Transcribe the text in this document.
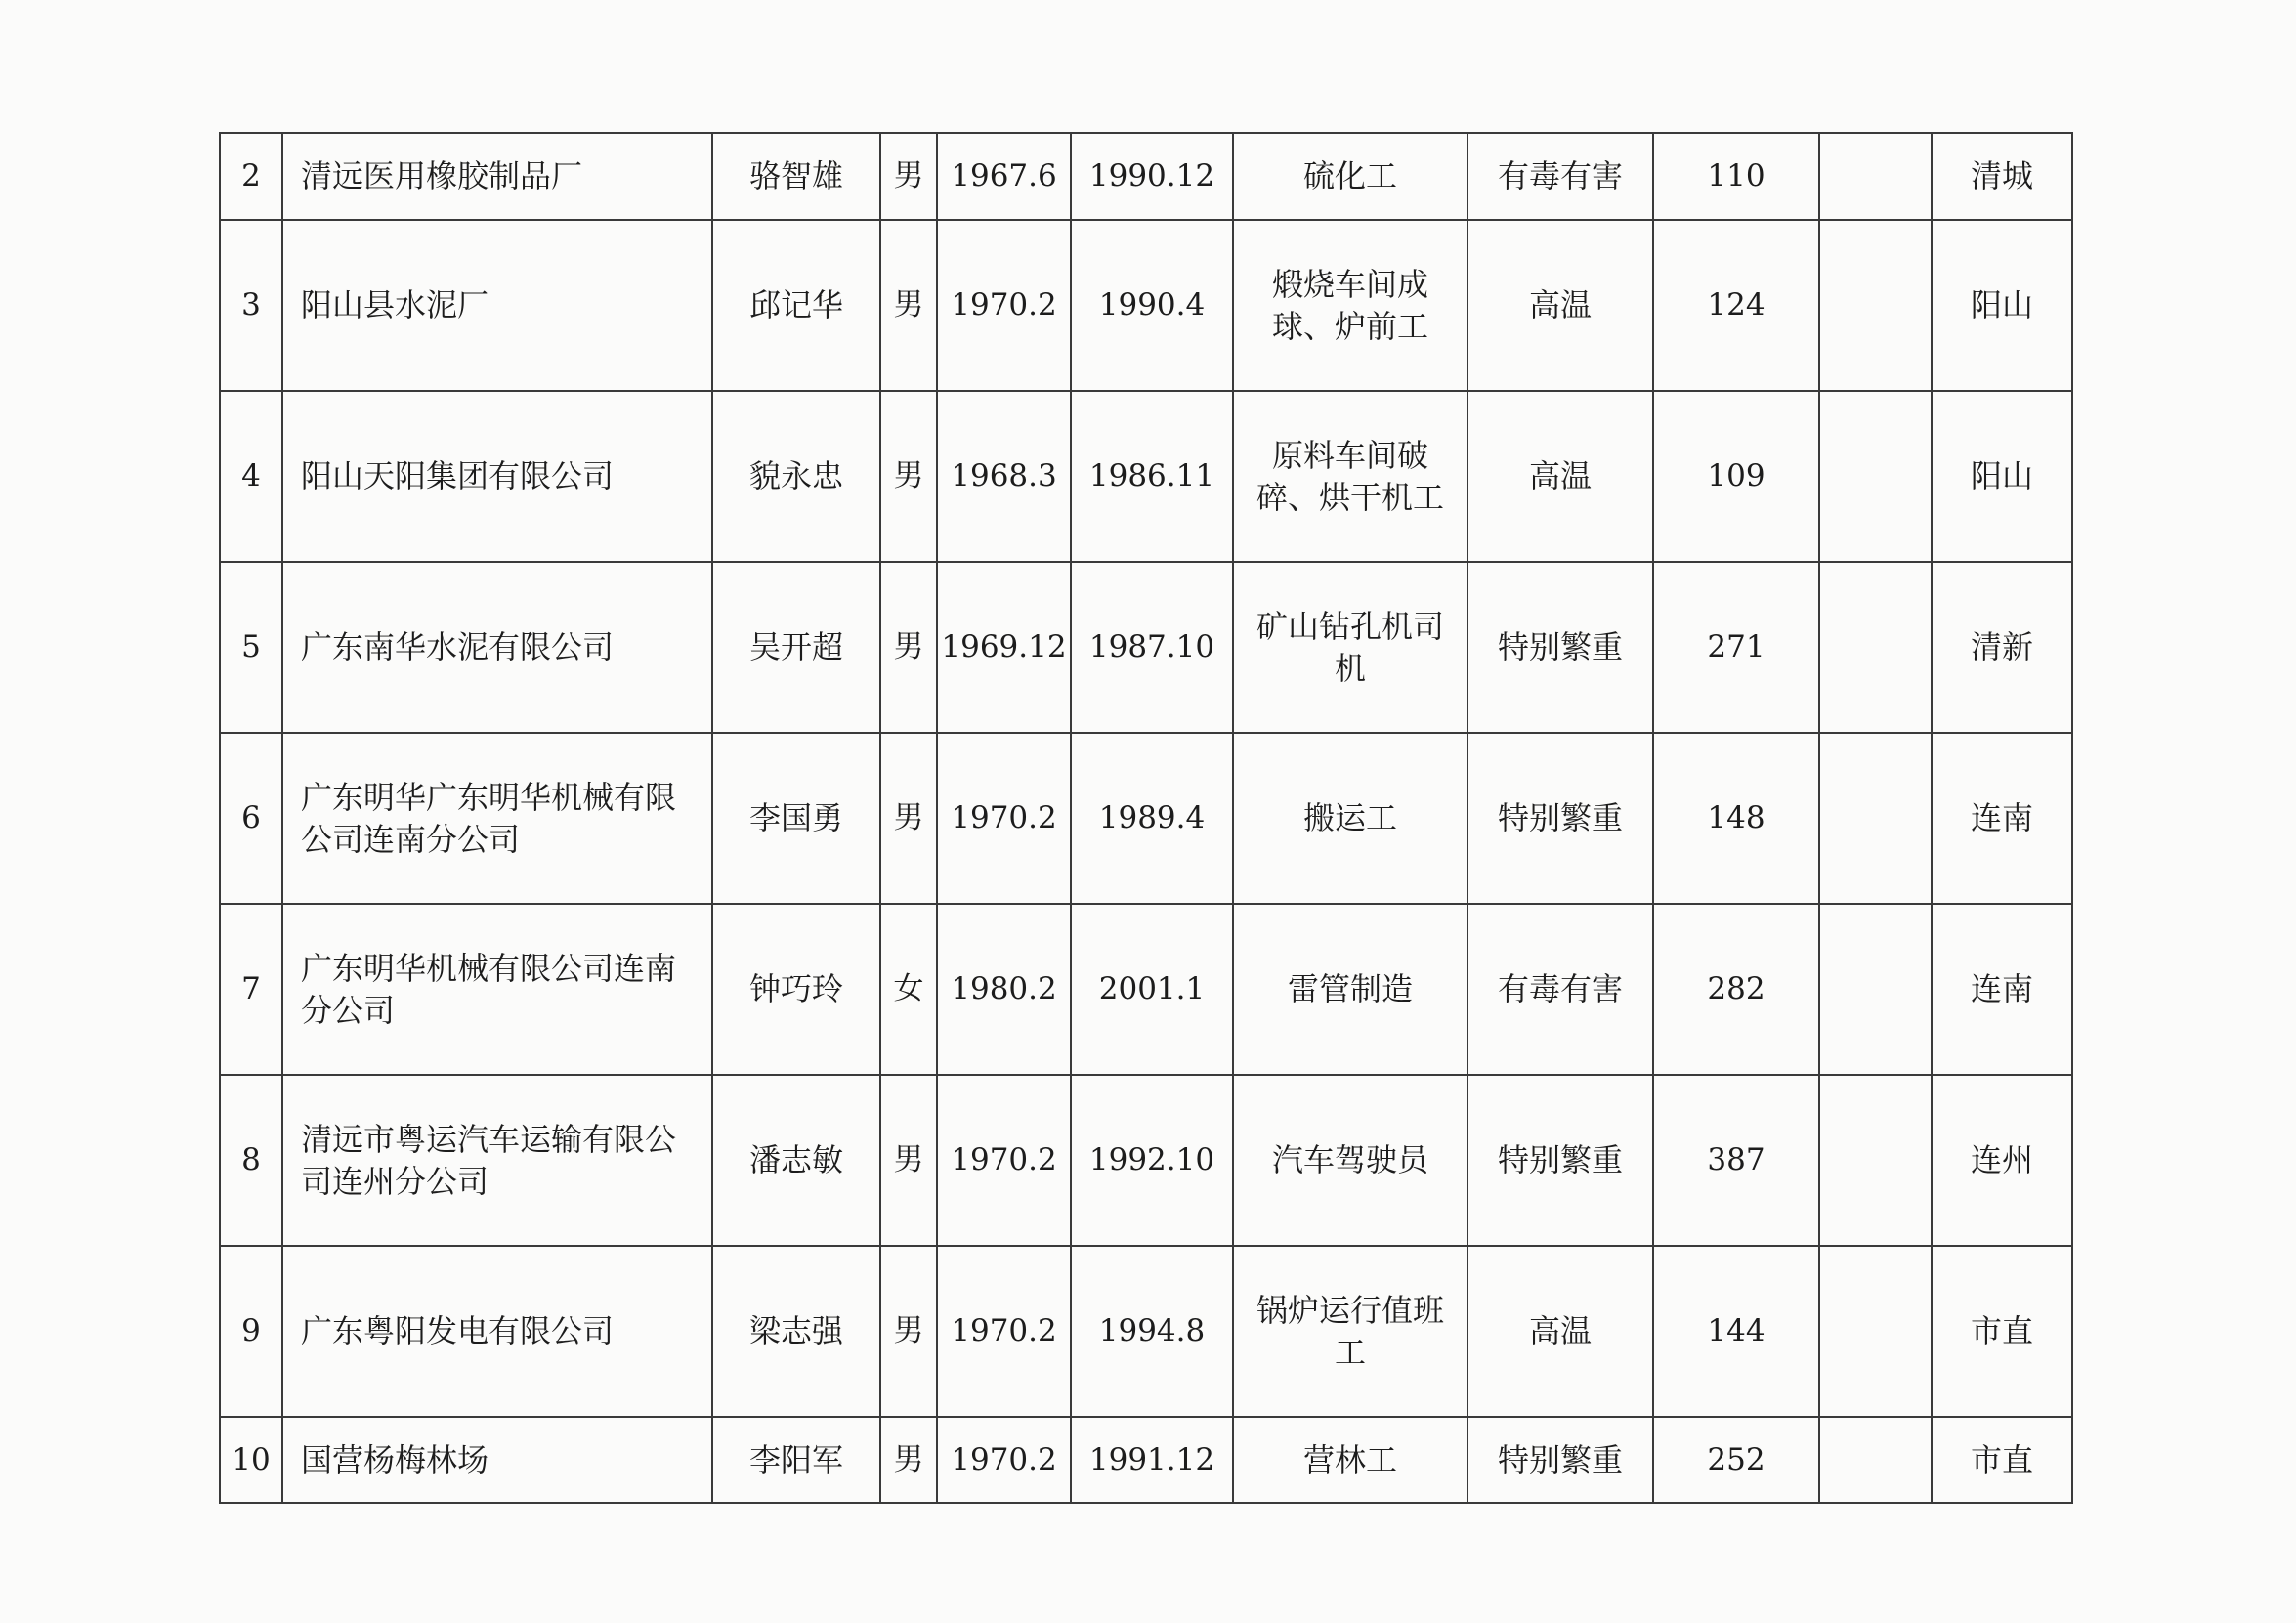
2	清远医用橡胶制品厂	骆智雄	男	1967.6	1990.12	硫化工	有毒有害	110		清城
3	阳山县水泥厂	邱记华	男	1970.2	1990.4	煅烧车间成球、炉前工	高温	124		阳山
4	阳山天阳集团有限公司	貌永忠	男	1968.3	1986.11	原料车间破碎、烘干机工	高温	109		阳山
5	广东南华水泥有限公司	吴开超	男	1969.12	1987.10	矿山钻孔机司机	特别繁重	271		清新
6	广东明华广东明华机械有限公司连南分公司	李国勇	男	1970.2	1989.4	搬运工	特别繁重	148		连南
7	广东明华机械有限公司连南分公司	钟巧玲	女	1980.2	2001.1	雷管制造	有毒有害	282		连南
8	清远市粤运汽车运输有限公司连州分公司	潘志敏	男	1970.2	1992.10	汽车驾驶员	特别繁重	387		连州
9	广东粤阳发电有限公司	梁志强	男	1970.2	1994.8	锅炉运行值班工	高温	144		市直
10	国营杨梅林场	李阳军	男	1970.2	1991.12	营林工	特别繁重	252		市直
